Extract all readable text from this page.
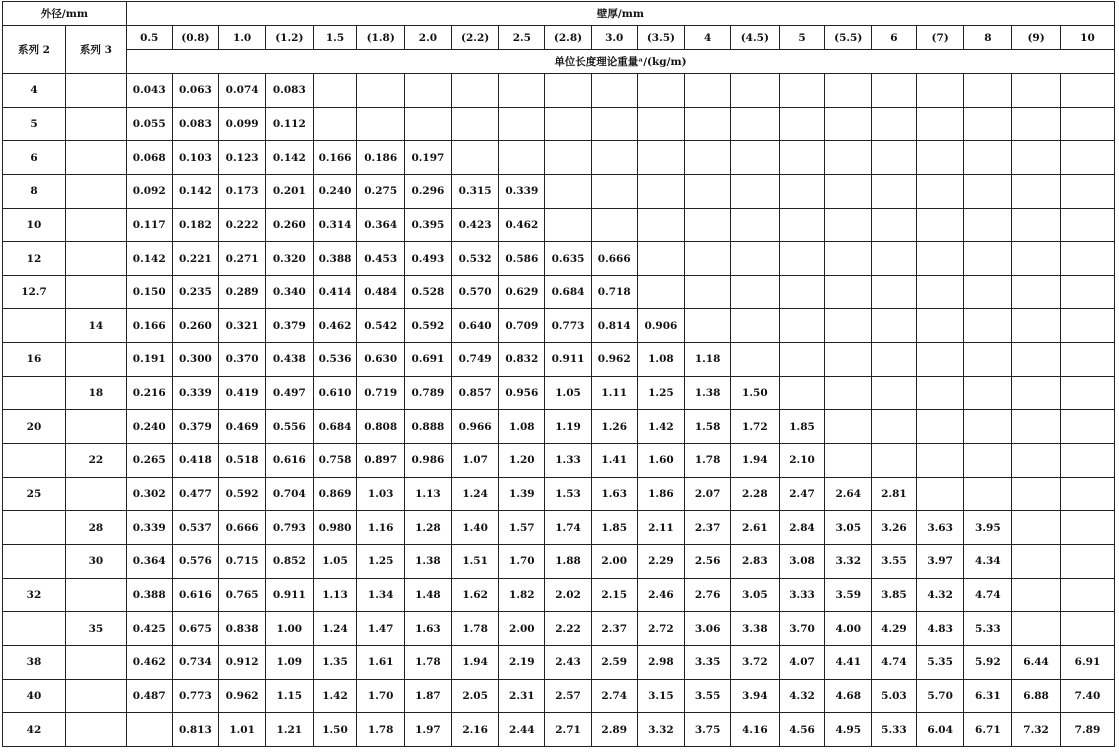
外径/mm		壁厚/mm																				
系列 2	系列 3	0.5	(0.8)	1.0	(1.2)	1.5	(1.8)	2.0	(2.2)	2.5	(2.8)	3.0	(3.5)	4	(4.5)	5	(5.5)	6	(7)	8	(9)	10
		单位长度理论重量ᵃ/(kg/m)																				
4		0.043	0.063	0.074	0.083																	
5		0.055	0.083	0.099	0.112																	
6		0.068	0.103	0.123	0.142	0.166	0.186	0.197														
8		0.092	0.142	0.173	0.201	0.240	0.275	0.296	0.315	0.339												
10		0.117	0.182	0.222	0.260	0.314	0.364	0.395	0.423	0.462												
12		0.142	0.221	0.271	0.320	0.388	0.453	0.493	0.532	0.586	0.635	0.666										
12.7		0.150	0.235	0.289	0.340	0.414	0.484	0.528	0.570	0.629	0.684	0.718										
	14	0.166	0.260	0.321	0.379	0.462	0.542	0.592	0.640	0.709	0.773	0.814	0.906									
16		0.191	0.300	0.370	0.438	0.536	0.630	0.691	0.749	0.832	0.911	0.962	1.08	1.18								
	18	0.216	0.339	0.419	0.497	0.610	0.719	0.789	0.857	0.956	1.05	1.11	1.25	1.38	1.50							
20		0.240	0.379	0.469	0.556	0.684	0.808	0.888	0.966	1.08	1.19	1.26	1.42	1.58	1.72	1.85						
	22	0.265	0.418	0.518	0.616	0.758	0.897	0.986	1.07	1.20	1.33	1.41	1.60	1.78	1.94	2.10						
25		0.302	0.477	0.592	0.704	0.869	1.03	1.13	1.24	1.39	1.53	1.63	1.86	2.07	2.28	2.47	2.64	2.81				
	28	0.339	0.537	0.666	0.793	0.980	1.16	1.28	1.40	1.57	1.74	1.85	2.11	2.37	2.61	2.84	3.05	3.26	3.63	3.95		
	30	0.364	0.576	0.715	0.852	1.05	1.25	1.38	1.51	1.70	1.88	2.00	2.29	2.56	2.83	3.08	3.32	3.55	3.97	4.34		
32		0.388	0.616	0.765	0.911	1.13	1.34	1.48	1.62	1.82	2.02	2.15	2.46	2.76	3.05	3.33	3.59	3.85	4.32	4.74		
	35	0.425	0.675	0.838	1.00	1.24	1.47	1.63	1.78	2.00	2.22	2.37	2.72	3.06	3.38	3.70	4.00	4.29	4.83	5.33		
38		0.462	0.734	0.912	1.09	1.35	1.61	1.78	1.94	2.19	2.43	2.59	2.98	3.35	3.72	4.07	4.41	4.74	5.35	5.92	6.44	6.91
40		0.487	0.773	0.962	1.15	1.42	1.70	1.87	2.05	2.31	2.57	2.74	3.15	3.55	3.94	4.32	4.68	5.03	5.70	6.31	6.88	7.40
42			0.813	1.01	1.21	1.50	1.78	1.97	2.16	2.44	2.71	2.89	3.32	3.75	4.16	4.56	4.95	5.33	6.04	6.71	7.32	7.89
